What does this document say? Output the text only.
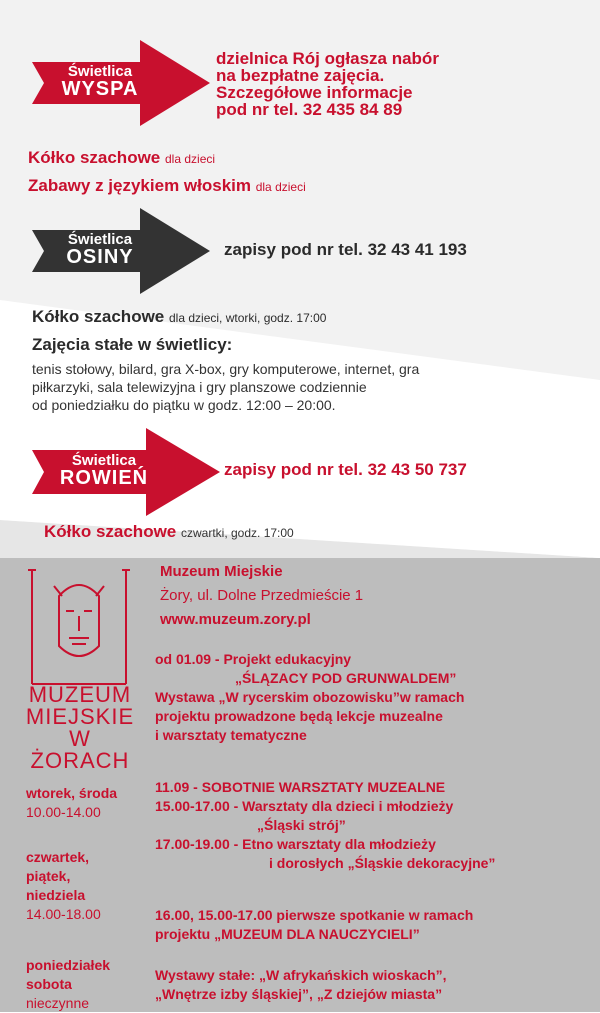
Świetlica
WYSPA
dzielnica Rój ogłasza nabór
na bezpłatne zajęcia.
Szczegółowe informacje
pod nr tel. 32 435 84 89
Kółko szachowe dla dzieci
Zabawy z językiem włoskim dla dzieci
Świetlica
OSINY	zapisy pod nr tel. 32 43 41 193
Kółko szachowe dla dzieci, wtorki, godz. 17:00
Zajęcia stałe w świetlicy:
tenis stołowy, bilard, gra X-box, gry komputerowe, internet, gra
piłkarzyki, sala telewizyjna i gry planszowe codziennie
od poniedziałku do piątku w godz. 12:00 – 20:00.
Świetlica
ROWIEŃ	zapisy pod nr tel. 32 43 50 737
Kółko szachowe czwartki, godz. 17:00
MUZEUM
MIEJSKIE
W ŻORACH
Muzeum Miejskie
Żory, ul. Dolne Przedmieście 1
www.muzeum.zory.pl
od 01.09 - Projekt edukacyjny
„ŚLĄZACY POD GRUNWALDEM”
Wystawa „W rycerskim obozowisku”w ramach
projektu prowadzone będą lekcje muzealne
i warsztaty tematyczne
11.09 - SOBOTNIE WARSZTATY MUZEALNE
15.00-17.00 - Warsztaty dla dzieci i młodzieży
„Śląski strój”
17.00-19.00 - Etno warsztaty dla młodzieży
i dorosłych „Śląskie dekoracyjne”
16.00, 15.00-17.00 pierwsze spotkanie w ramach
projektu „MUZEUM DLA NAUCZYCIELI”
Wystawy stałe: „W afrykańskich wioskach”,
„Wnętrze izby śląskiej”, „Z dziejów miasta”
wtorek, środa
10.00-14.00
czwartek,
piątek,
niedziela
14.00-18.00
poniedziałek
sobota
nieczynne
